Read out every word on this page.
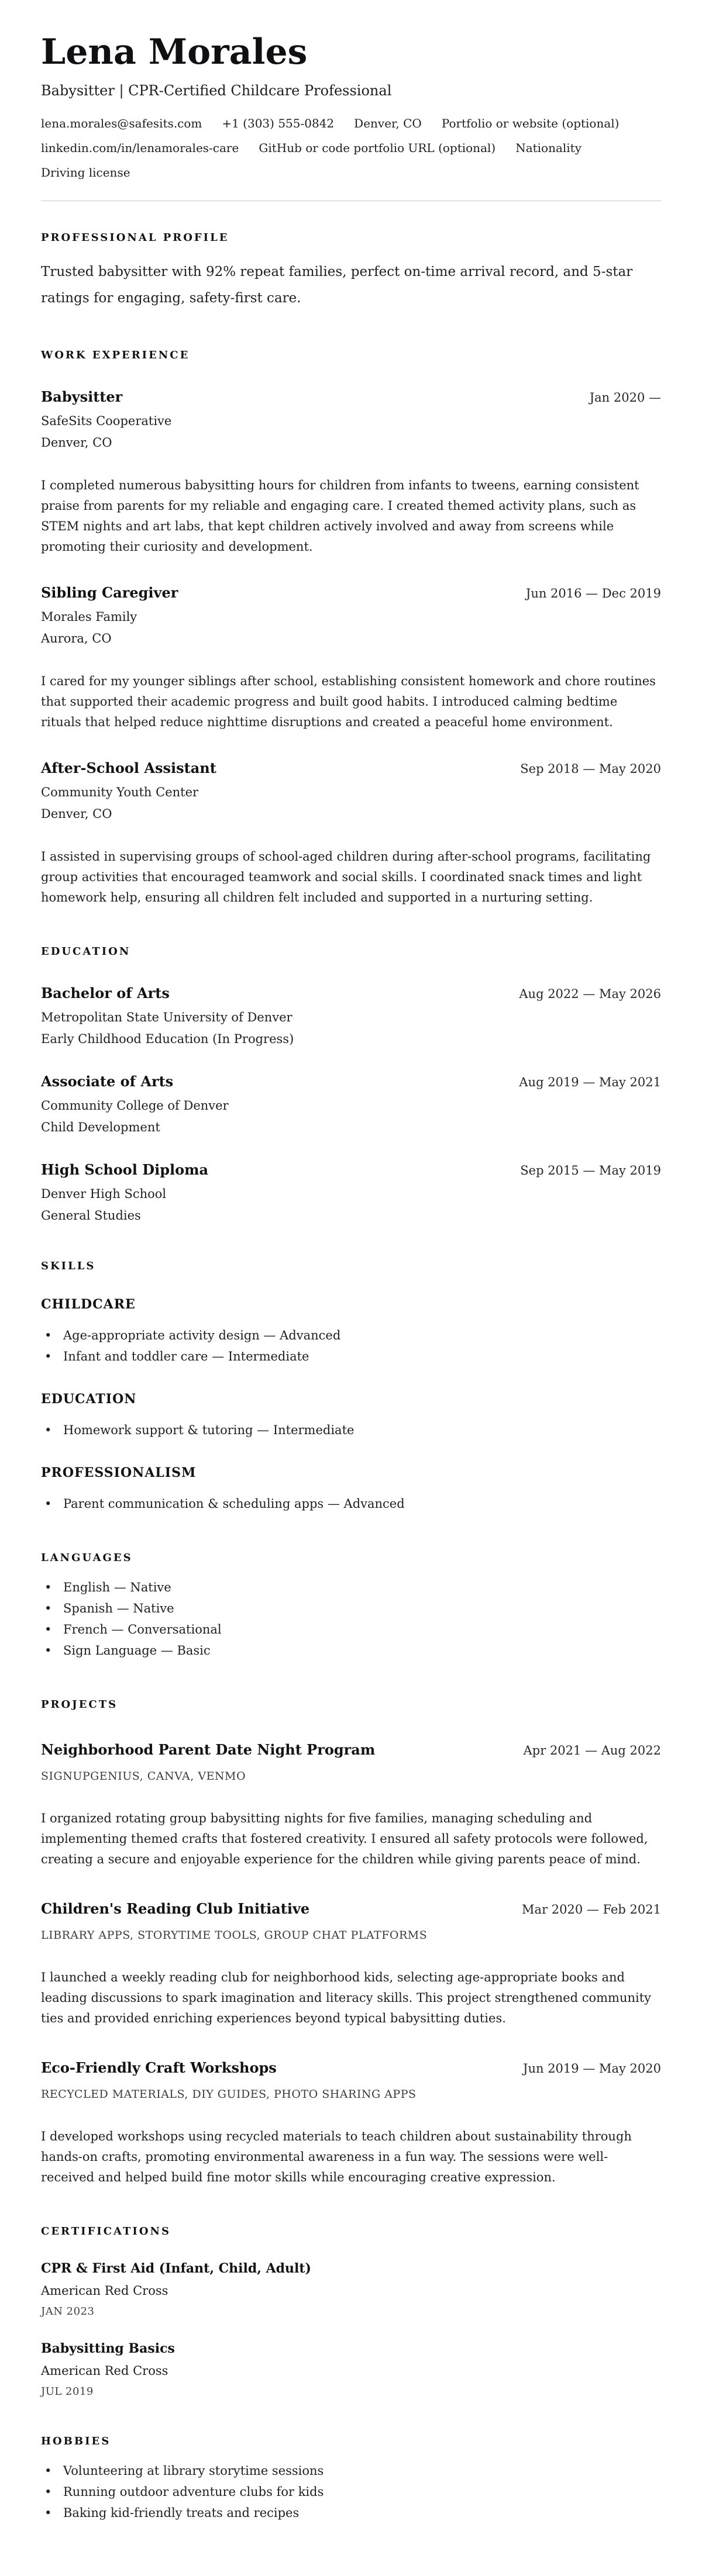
Lena Morales
Babysitter | CPR-Certified Childcare Professional
lena.morales@safesits.com +1 (303) 555-0842 Denver, CO Portfolio or website (optional)
linkedin.com/in/lenamorales-care GitHub or code portfolio URL (optional) Nationality
Driving license
PROFESSIONAL PROFILE

Trusted babysitter with 92% repeat families, perfect on-time arrival record, and 5-star ratings for engaging, safety-first care.

WORK EXPERIENCE
Babysitter	Jan 2020 —
SafeSits Cooperative
Denver, CO

I completed numerous babysitting hours for children from infants to tweens, earning consistent praise from parents for my reliable and engaging care. I created themed activity plans, such as STEM nights and art labs, that kept children actively involved and away from screens while promoting their curiosity and development.

Sibling Caregiver	Jun 2016 — Dec 2019
Morales Family
Aurora, CO

I cared for my younger siblings after school, establishing consistent homework and chore routines that supported their academic progress and built good habits. I introduced calming bedtime rituals that helped reduce nighttime disruptions and created a peaceful home environment.

After-School Assistant	Sep 2018 — May 2020
Community Youth Center
Denver, CO

I assisted in supervising groups of school-aged children during after-school programs, facilitating group activities that encouraged teamwork and social skills. I coordinated snack times and light homework help, ensuring all children felt included and supported in a nurturing setting.

EDUCATION
Bachelor of Arts	Aug 2022 — May 2026
Metropolitan State University of Denver
Early Childhood Education (In Progress)
Associate of Arts	Aug 2019 — May 2021
Community College of Denver
Child Development
High School Diploma	Sep 2015 — May 2019
Denver High School
General Studies
SKILLS
CHILDCARE
• Age-appropriate activity design — Advanced
• Infant and toddler care — Intermediate
EDUCATION
• Homework support & tutoring — Intermediate
PROFESSIONALISM
• Parent communication & scheduling apps — Advanced
LANGUAGES
• English — Native
• Spanish — Native
• French — Conversational
• Sign Language — Basic
PROJECTS
Neighborhood Parent Date Night Program	Apr 2021 — Aug 2022
SIGNUPGENIUS, CANVA, VENMO

I organized rotating group babysitting nights for five families, managing scheduling and implementing themed crafts that fostered creativity. I ensured all safety protocols were followed, creating a secure and enjoyable experience for the children while giving parents peace of mind.

Children's Reading Club Initiative	Mar 2020 — Feb 2021
LIBRARY APPS, STORYTIME TOOLS, GROUP CHAT PLATFORMS

I launched a weekly reading club for neighborhood kids, selecting age-appropriate books and leading discussions to spark imagination and literacy skills. This project strengthened community ties and provided enriching experiences beyond typical babysitting duties.

Eco-Friendly Craft Workshops	Jun 2019 — May 2020
RECYCLED MATERIALS, DIY GUIDES, PHOTO SHARING APPS

I developed workshops using recycled materials to teach children about sustainability through hands-on crafts, promoting environmental awareness in a fun way. The sessions were well-received and helped build fine motor skills while encouraging creative expression.

CERTIFICATIONS
CPR & First Aid (Infant, Child, Adult)
American Red Cross
JAN 2023
Babysitting Basics
American Red Cross
JUL 2019
HOBBIES
• Volunteering at library storytime sessions
• Running outdoor adventure clubs for kids
• Baking kid-friendly treats and recipes
